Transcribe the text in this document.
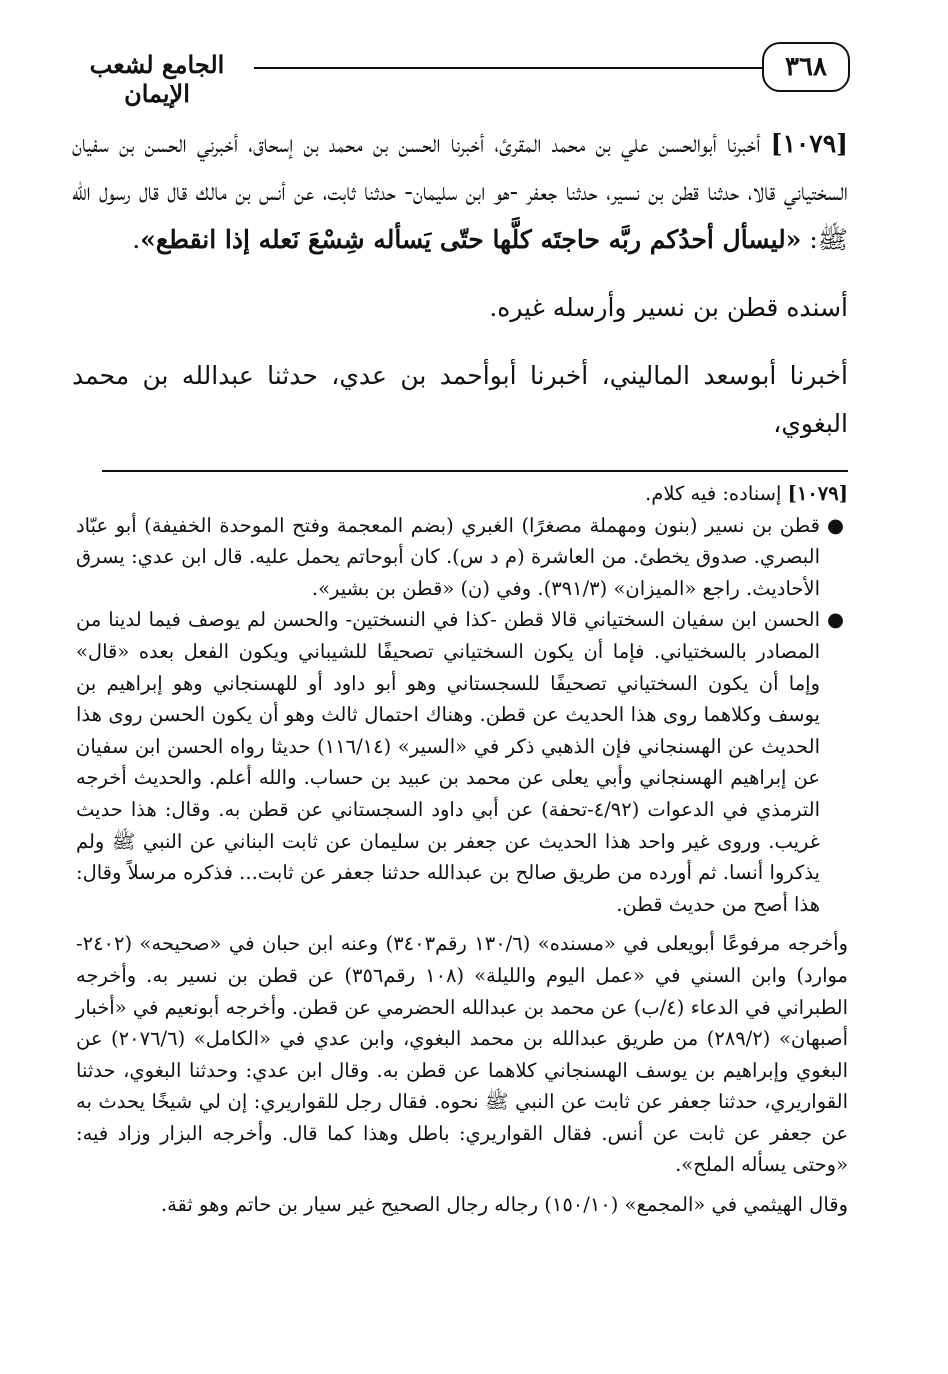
٣٦٨
الجامع لشعب الإيمان

[١٠٧٩] أخبرنا أبوالحسن علي بن محمد المقرئ، أخبرنا الحسن بن محمد بن إسحاق، أخبرني الحسن بن سفيان السختياني قالا، حدثنا قطن بن نسير، حدثنا جعفر -هو ابن سليمان- حدثنا ثابت، عن أنس بن مالك قال قال رسول الله ﷺ: «ليسأل أحدُكم ربَّه حاجتَه كلَّها حتّى يَسأله شِسْعَ نَعله إذا انقطع».

أسنده قطن بن نسير وأرسله غيره.

أخبرنا أبوسعد الماليني، أخبرنا أبوأحمد بن عدي، حدثنا عبدالله بن محمد البغوي،

[١٠٧٩] إسناده: فيه كلام.

●
قطن بن نسير (بنون ومهملة مصغرًا) الغبري (بضم المعجمة وفتح الموحدة الخفيفة) أبو عبّاد البصري. صدوق يخطئ. من العاشرة (م د س). كان أبوحاتم يحمل عليه. قال ابن عدي: يسرق الأحاديث. راجع «الميزان» (٣٩١/٣). وفي (ن) «قطن بن بشير».

●
الحسن ابن سفيان السختياني قالا قطن -كذا في النسختين- والحسن لم يوصف فيما لدينا من المصادر بالسختياني. فإما أن يكون السختياني تصحيفًا للشيباني ويكون الفعل بعده «قال» وإما أن يكون السختياني تصحيفًا للسجستاني وهو أبو داود أو للهسنجاني وهو إبراهيم بن يوسف وكلاهما روى هذا الحديث عن قطن. وهناك احتمال ثالث وهو أن يكون الحسن روى هذا الحديث عن الهسنجاني فإن الذهبي ذكر في «السير» (١١٦/١٤) حديثا رواه الحسن ابن سفيان عن إبراهيم الهسنجاني وأبي يعلى عن محمد بن عبيد بن حساب. والله أعلم. والحديث أخرجه الترمذي في الدعوات (٤/٩٢-تحفة) عن أبي داود السجستاني عن قطن به. وقال: هذا حديث غريب. وروى غير واحد هذا الحديث عن جعفر بن سليمان عن ثابت البناني عن النبي ﷺ ولم يذكروا أنسا. ثم أورده من طريق صالح بن عبدالله حدثنا جعفر عن ثابت... فذكره مرسلاً وقال: هذا أصح من حديث قطن.

وأخرجه مرفوعًا أبويعلى في «مسنده» (١٣٠/٦ رقم٣٤٠٣) وعنه ابن حبان في «صحيحه» (٢٤٠٢-موارد) وابن السني في «عمل اليوم والليلة» (١٠٨ رقم٣٥٦) عن قطن بن نسير به. وأخرجه الطبراني في الدعاء (٤/ب) عن محمد بن عبدالله الحضرمي عن قطن. وأخرجه أبونعيم في «أخبار أصبهان» (٢٨٩/٢) من طريق عبدالله بن محمد البغوي، وابن عدي في «الكامل» (٢٠٧٦/٦) عن البغوي وإبراهيم بن يوسف الهسنجاني كلاهما عن قطن به. وقال ابن عدي: وحدثنا البغوي، حدثنا القواريري، حدثنا جعفر عن ثابت عن النبي ﷺ نحوه. فقال رجل للقواريري: إن لي شيخًا يحدث به عن جعفر عن ثابت عن أنس. فقال القواريري: باطل وهذا كما قال. وأخرجه البزار وزاد فيه: «وحتى يسأله الملح».

وقال الهيثمي في «المجمع» (١٥٠/١٠) رجاله رجال الصحيح غير سيار بن حاتم وهو ثقة.
